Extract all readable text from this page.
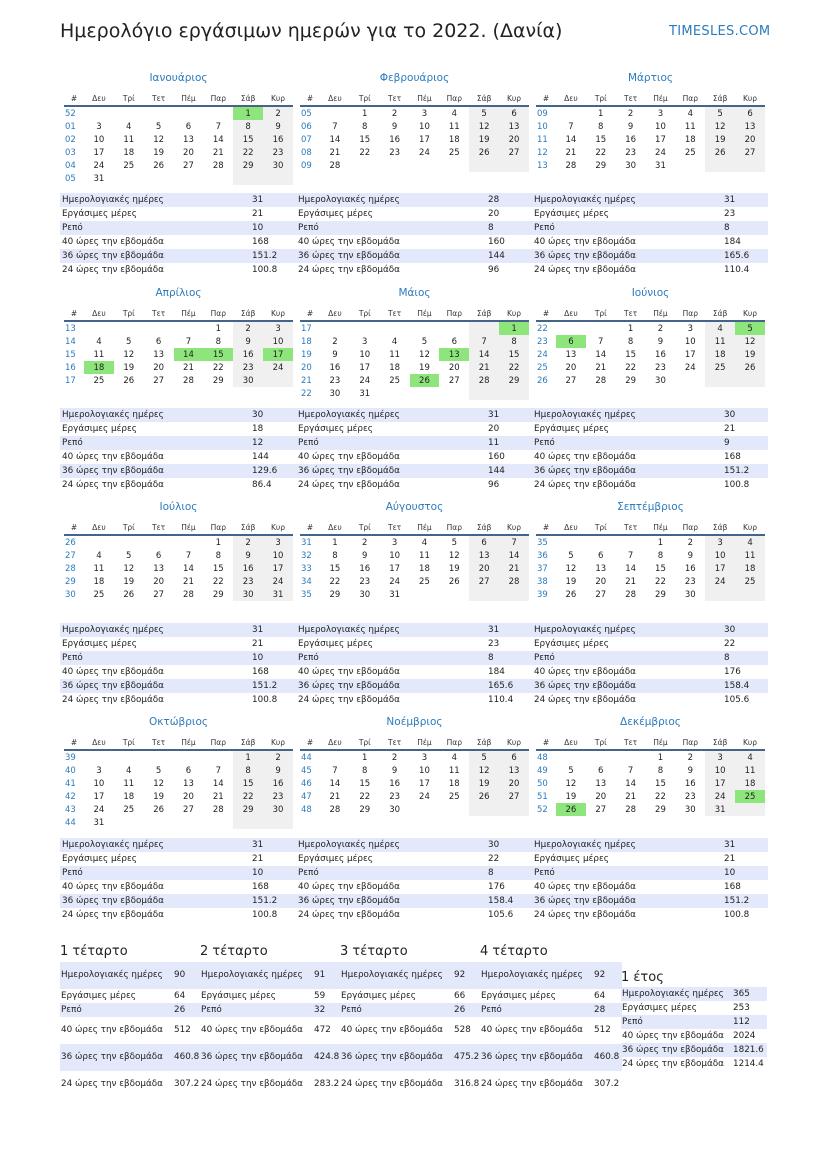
Ημερολόγιο εργάσιμων ημερών για το 2022. (Δανία)	TIMESLES.COM
Ιανουάριος
#	Δευ	Τρί	Τετ	Πέμ	Παρ	Σάβ	Κυρ
52						1	2
01	3	4	5	6	7	8	9
02	10	11	12	13	14	15	16
03	17	18	19	20	21	22	23
04	24	25	26	27	28	29	30
05	31						
Ημερολογιακές ημέρες	31
Εργάσιμες μέρες	21
Ρεπό	10
40 ώρες την εβδομάδα	168
36 ώρες την εβδομάδα	151.2
24 ώρες την εβδομάδα	100.8
Φεβρουάριος
#	Δευ	Τρί	Τετ	Πέμ	Παρ	Σάβ	Κυρ
05		1	2	3	4	5	6
06	7	8	9	10	11	12	13
07	14	15	16	17	18	19	20
08	21	22	23	24	25	26	27
09	28						
Ημερολογιακές ημέρες	28
Εργάσιμες μέρες	20
Ρεπό	8
40 ώρες την εβδομάδα	160
36 ώρες την εβδομάδα	144
24 ώρες την εβδομάδα	96
Μάρτιος
#	Δευ	Τρί	Τετ	Πέμ	Παρ	Σάβ	Κυρ
09		1	2	3	4	5	6
10	7	8	9	10	11	12	13
11	14	15	16	17	18	19	20
12	21	22	23	24	25	26	27
13	28	29	30	31			
Ημερολογιακές ημέρες	31
Εργάσιμες μέρες	23
Ρεπό	8
40 ώρες την εβδομάδα	184
36 ώρες την εβδομάδα	165.6
24 ώρες την εβδομάδα	110.4
Απρίλιος
#	Δευ	Τρί	Τετ	Πέμ	Παρ	Σάβ	Κυρ
13					1	2	3
14	4	5	6	7	8	9	10
15	11	12	13	14	15	16	17
16	18	19	20	21	22	23	24
17	25	26	27	28	29	30	
Ημερολογιακές ημέρες	30
Εργάσιμες μέρες	18
Ρεπό	12
40 ώρες την εβδομάδα	144
36 ώρες την εβδομάδα	129.6
24 ώρες την εβδομάδα	86.4
Μάιος
#	Δευ	Τρί	Τετ	Πέμ	Παρ	Σάβ	Κυρ
17							1
18	2	3	4	5	6	7	8
19	9	10	11	12	13	14	15
20	16	17	18	19	20	21	22
21	23	24	25	26	27	28	29
22	30	31					
Ημερολογιακές ημέρες	31
Εργάσιμες μέρες	20
Ρεπό	11
40 ώρες την εβδομάδα	160
36 ώρες την εβδομάδα	144
24 ώρες την εβδομάδα	96
Ιούνιος
#	Δευ	Τρί	Τετ	Πέμ	Παρ	Σάβ	Κυρ
22			1	2	3	4	5
23	6	7	8	9	10	11	12
24	13	14	15	16	17	18	19
25	20	21	22	23	24	25	26
26	27	28	29	30			
Ημερολογιακές ημέρες	30
Εργάσιμες μέρες	21
Ρεπό	9
40 ώρες την εβδομάδα	168
36 ώρες την εβδομάδα	151.2
24 ώρες την εβδομάδα	100.8
Ιούλιος
#	Δευ	Τρί	Τετ	Πέμ	Παρ	Σάβ	Κυρ
26					1	2	3
27	4	5	6	7	8	9	10
28	11	12	13	14	15	16	17
29	18	19	20	21	22	23	24
30	25	26	27	28	29	30	31
Ημερολογιακές ημέρες	31
Εργάσιμες μέρες	21
Ρεπό	10
40 ώρες την εβδομάδα	168
36 ώρες την εβδομάδα	151.2
24 ώρες την εβδομάδα	100.8
Αύγουστος
#	Δευ	Τρί	Τετ	Πέμ	Παρ	Σάβ	Κυρ
31	1	2	3	4	5	6	7
32	8	9	10	11	12	13	14
33	15	16	17	18	19	20	21
34	22	23	24	25	26	27	28
35	29	30	31				
Ημερολογιακές ημέρες	31
Εργάσιμες μέρες	23
Ρεπό	8
40 ώρες την εβδομάδα	184
36 ώρες την εβδομάδα	165.6
24 ώρες την εβδομάδα	110.4
Σεπτέμβριος
#	Δευ	Τρί	Τετ	Πέμ	Παρ	Σάβ	Κυρ
35				1	2	3	4
36	5	6	7	8	9	10	11
37	12	13	14	15	16	17	18
38	19	20	21	22	23	24	25
39	26	27	28	29	30		
Ημερολογιακές ημέρες	30
Εργάσιμες μέρες	22
Ρεπό	8
40 ώρες την εβδομάδα	176
36 ώρες την εβδομάδα	158.4
24 ώρες την εβδομάδα	105.6
Οκτώβριος
#	Δευ	Τρί	Τετ	Πέμ	Παρ	Σάβ	Κυρ
39						1	2
40	3	4	5	6	7	8	9
41	10	11	12	13	14	15	16
42	17	18	19	20	21	22	23
43	24	25	26	27	28	29	30
44	31						
Ημερολογιακές ημέρες	31
Εργάσιμες μέρες	21
Ρεπό	10
40 ώρες την εβδομάδα	168
36 ώρες την εβδομάδα	151.2
24 ώρες την εβδομάδα	100.8
Νοέμβριος
#	Δευ	Τρί	Τετ	Πέμ	Παρ	Σάβ	Κυρ
44		1	2	3	4	5	6
45	7	8	9	10	11	12	13
46	14	15	16	17	18	19	20
47	21	22	23	24	25	26	27
48	28	29	30				
Ημερολογιακές ημέρες	30
Εργάσιμες μέρες	22
Ρεπό	8
40 ώρες την εβδομάδα	176
36 ώρες την εβδομάδα	158.4
24 ώρες την εβδομάδα	105.6
Δεκέμβριος
#	Δευ	Τρί	Τετ	Πέμ	Παρ	Σάβ	Κυρ
48				1	2	3	4
49	5	6	7	8	9	10	11
50	12	13	14	15	16	17	18
51	19	20	21	22	23	24	25
52	26	27	28	29	30	31	
Ημερολογιακές ημέρες	31
Εργάσιμες μέρες	21
Ρεπό	10
40 ώρες την εβδομάδα	168
36 ώρες την εβδομάδα	151.2
24 ώρες την εβδομάδα	100.8
1 τέταρτο
Ημερολογιακές ημέρες	90
Εργάσιμες μέρες	64
Ρεπό	26
40 ώρες την εβδομάδα	512
36 ώρες την εβδομάδα	460.8
24 ώρες την εβδομάδα	307.2
2 τέταρτο
Ημερολογιακές ημέρες	91
Εργάσιμες μέρες	59
Ρεπό	32
40 ώρες την εβδομάδα	472
36 ώρες την εβδομάδα	424.8
24 ώρες την εβδομάδα	283.2
3 τέταρτο
Ημερολογιακές ημέρες	92
Εργάσιμες μέρες	66
Ρεπό	26
40 ώρες την εβδομάδα	528
36 ώρες την εβδομάδα	475.2
24 ώρες την εβδομάδα	316.8
4 τέταρτο
Ημερολογιακές ημέρες	92
Εργάσιμες μέρες	64
Ρεπό	28
40 ώρες την εβδομάδα	512
36 ώρες την εβδομάδα	460.8
24 ώρες την εβδομάδα	307.2
1 έτος
Ημερολογιακές ημέρες	365
Εργάσιμες μέρες	253
Ρεπό	112
40 ώρες την εβδομάδα	2024
36 ώρες την εβδομάδα	1821.6
24 ώρες την εβδομάδα	1214.4
